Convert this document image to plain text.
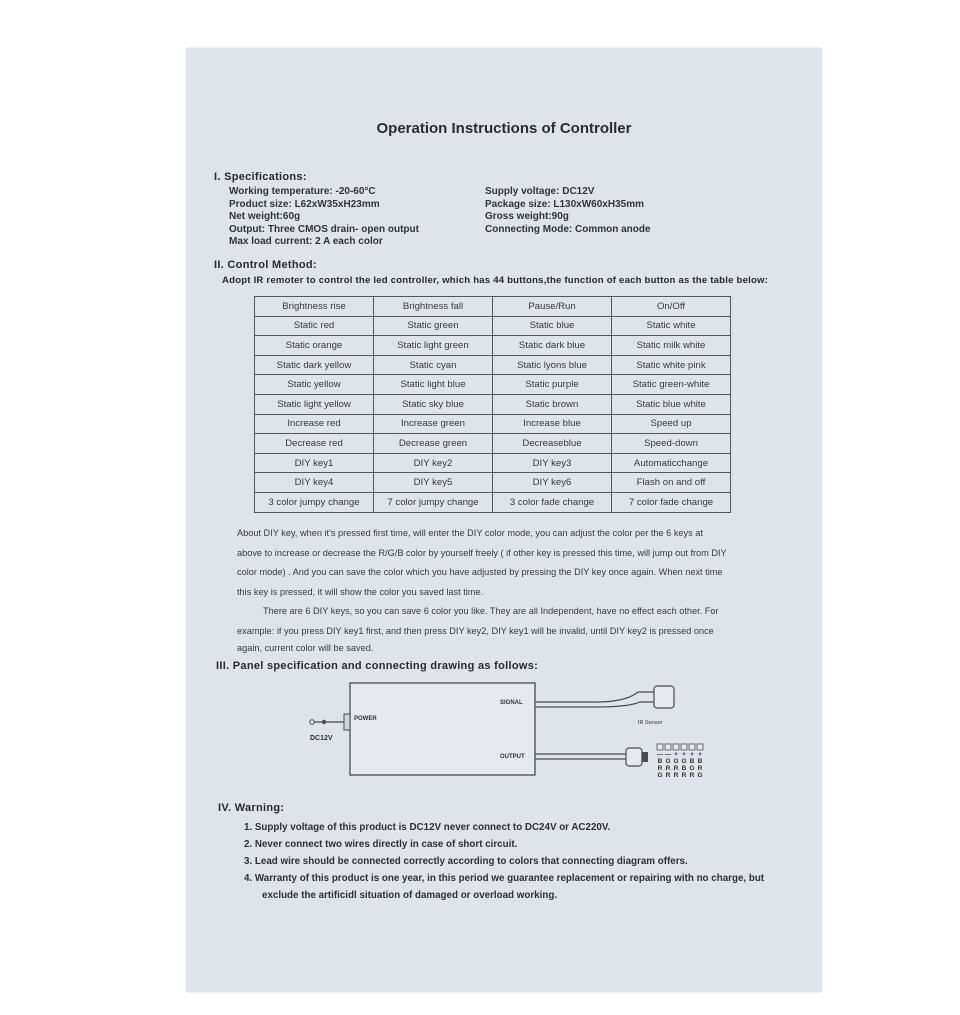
Operation Instructions of Controller
I. Specifications:
Working temperature: -20-60°C
Product size: L62xW35xH23mm
Net weight:60g
Output: Three CMOS drain- open output
Max load current: 2 A each color
Supply voltage: DC12V
Package size: L130xW60xH35mm
Gross weight:90g
Connecting Mode: Common anode
II. Control Method:
Adopt IR remoter to control the led controller, which has 44 buttons,the function of each button as the table below:
Brightness rise	Brightness fall	Pause/Run	On/Off
Static red	Static green	Static blue	Static white
Static orange	Static light green	Static dark blue	Static milk white
Static dark yellow	Static cyan	Static lyons blue	Static white pink
Static yellow	Static light blue	Static purple	Static green-white
Static light yellow	Static sky blue	Static brown	Static blue white
Increase red	Increase green	Increase blue	Speed up
Decrease red	Decrease green	Decreaseblue	Speed-down
DIY key1	DIY key2	DIY key3	Automaticchange
DIY key4	DIY key5	DIY key6	Flash on and off
3 color jumpy change	7 color jumpy change	3 color fade change	7 color fade change
About DIY key, when it's pressed first time, will enter the DIY color mode, you can adjust the color per the 6 keys at
above to increase or decrease the R/G/B color by yourself freely ( if other key is pressed this time, will jump out from DIY
color mode) . And you can save the color which you have adjusted by pressing the DIY key once again. When next time
this key is pressed, it will show the color you saved last time.
There are 6 DIY keys, so you can save 6 color you like. They are all Independent, have no effect each other. For
example: if you press DIY key1 first, and then press DIY key2, DIY key1 will be invalid, until DIY key2 is pressed once
again, current color will be saved.
III. Panel specification and connecting drawing as follows:
POWER
DC12V
SIGNAL
IR Sensor
OUTPUT	—
B
R
G
—
G
R
R
+
G
R
R
+
G
B
R
+
B
G
R
+
B
R
G
IV. Warning:
1. Supply voltage of this product is DC12V never connect to DC24V or AC220V.
2. Never connect two wires directly in case of short circuit.
3. Lead wire should be connected correctly according to colors that connecting diagram offers.
4. Warranty of this product is one year, in this period we guarantee replacement or repairing with no charge, but
exclude the artificidl situation of damaged or overload working.
